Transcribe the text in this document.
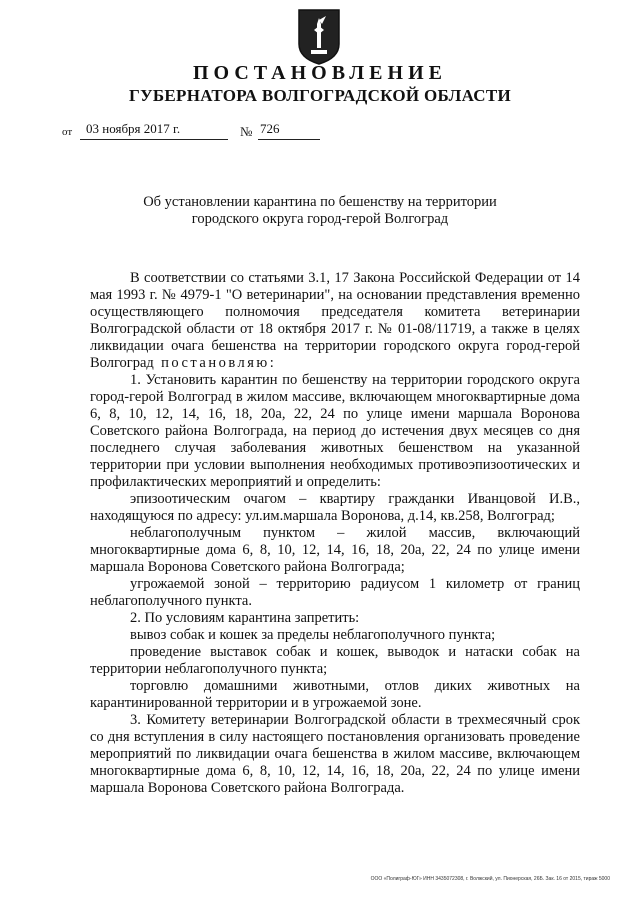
ПОСТАНОВЛЕНИЕ
ГУБЕРНАТОРА ВОЛГОГРАДСКОЙ ОБЛАСТИ
от 03 ноября 2017 г.	№ 726
Об установлении карантина по бешенству на территории
городского округа город-герой Волгоград

В соответствии со статьями 3.1, 17 Закона Российской Федерации от 14 мая 1993 г. № 4979-1 "О ветеринарии", на основании представления временно осуществляющего полномочия председателя комитета ветеринарии Волгоградской области от 18 октября 2017 г. № 01-08/11719, а также в целях ликвидации очага бешенства на территории городского округа город-герой Волгоград постановляю:

1. Установить карантин по бешенству на территории городского округа город-герой Волгоград в жилом массиве, включающем многоквартирные дома 6, 8, 10, 12, 14, 16, 18, 20а, 22, 24 по улице имени маршала Воронова Советского района Волгограда, на период до истечения двух месяцев со дня последнего случая заболевания животных бешенством на указанной территории при условии выполнения необходимых противоэпизоотических и профилактических мероприятий и определить:

эпизоотическим очагом – квартиру гражданки Иванцовой И.В., находящуюся по адресу: ул.им.маршала Воронова, д.14, кв.258, Волгоград;

неблагополучным пунктом – жилой массив, включающий многоквартирные дома 6, 8, 10, 12, 14, 16, 18, 20а, 22, 24 по улице имени маршала Воронова Советского района Волгограда;

угрожаемой зоной – территорию радиусом 1 километр от границ неблагополучного пункта.

2. По условиям карантина запретить:

вывоз собак и кошек за пределы неблагополучного пункта;

проведение выставок собак и кошек, выводок и натаски собак на территории неблагополучного пункта;

торговлю домашними животными, отлов диких животных на карантинированной территории и в угрожаемой зоне.

3. Комитету ветеринарии Волгоградской области в трехмесячный срок со дня вступления в силу настоящего постановления организовать проведение мероприятий по ликвидации очага бешенства в жилом массиве, включающем многоквартирные дома 6, 8, 10, 12, 14, 16, 18, 20а, 22, 24 по улице имени маршала Воронова Советского района Волгограда.

ООО «Полиграф-ЮГ» ИНН 3435072308, г. Волжский, ул. Пионерская, 26Б. Зак. 16 от 2015, тираж 5000
